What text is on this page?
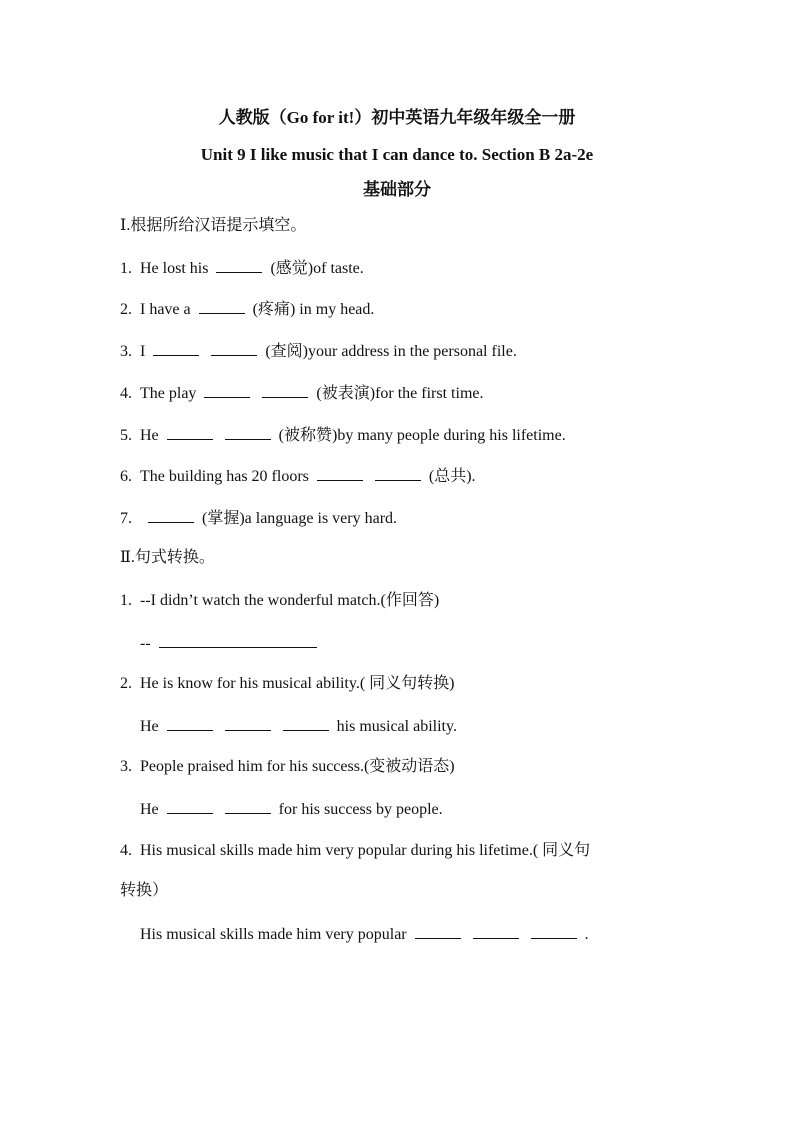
人教版（Go for it!）初中英语九年级年级全一册
Unit 9 I like music that I can dance to. Section B 2a-2e
基础部分
Ⅰ.根据所给汉语提示填空。
1. He lost his	(感觉)of taste.
2. I have a	(疼痛) in my head.
3. I	(查阅)your address in the personal file.
4. The play	(被表演)for the first time.
5. He	(被称赞)by many people during his lifetime.
6. The building has 20 floors	(总共).
7.	(掌握)a language is very hard.
Ⅱ.句式转换。
1. --I didn’t watch the wonderful match.(作回答)
--
2. He is know for his musical ability.( 同义句转换)
He	his musical ability.
3. People praised him for his success.(变被动语态)
He	for his success by people.
4. His musical skills made him very popular during his lifetime.( 同义句
转换）
His musical skills made him very popular	.
